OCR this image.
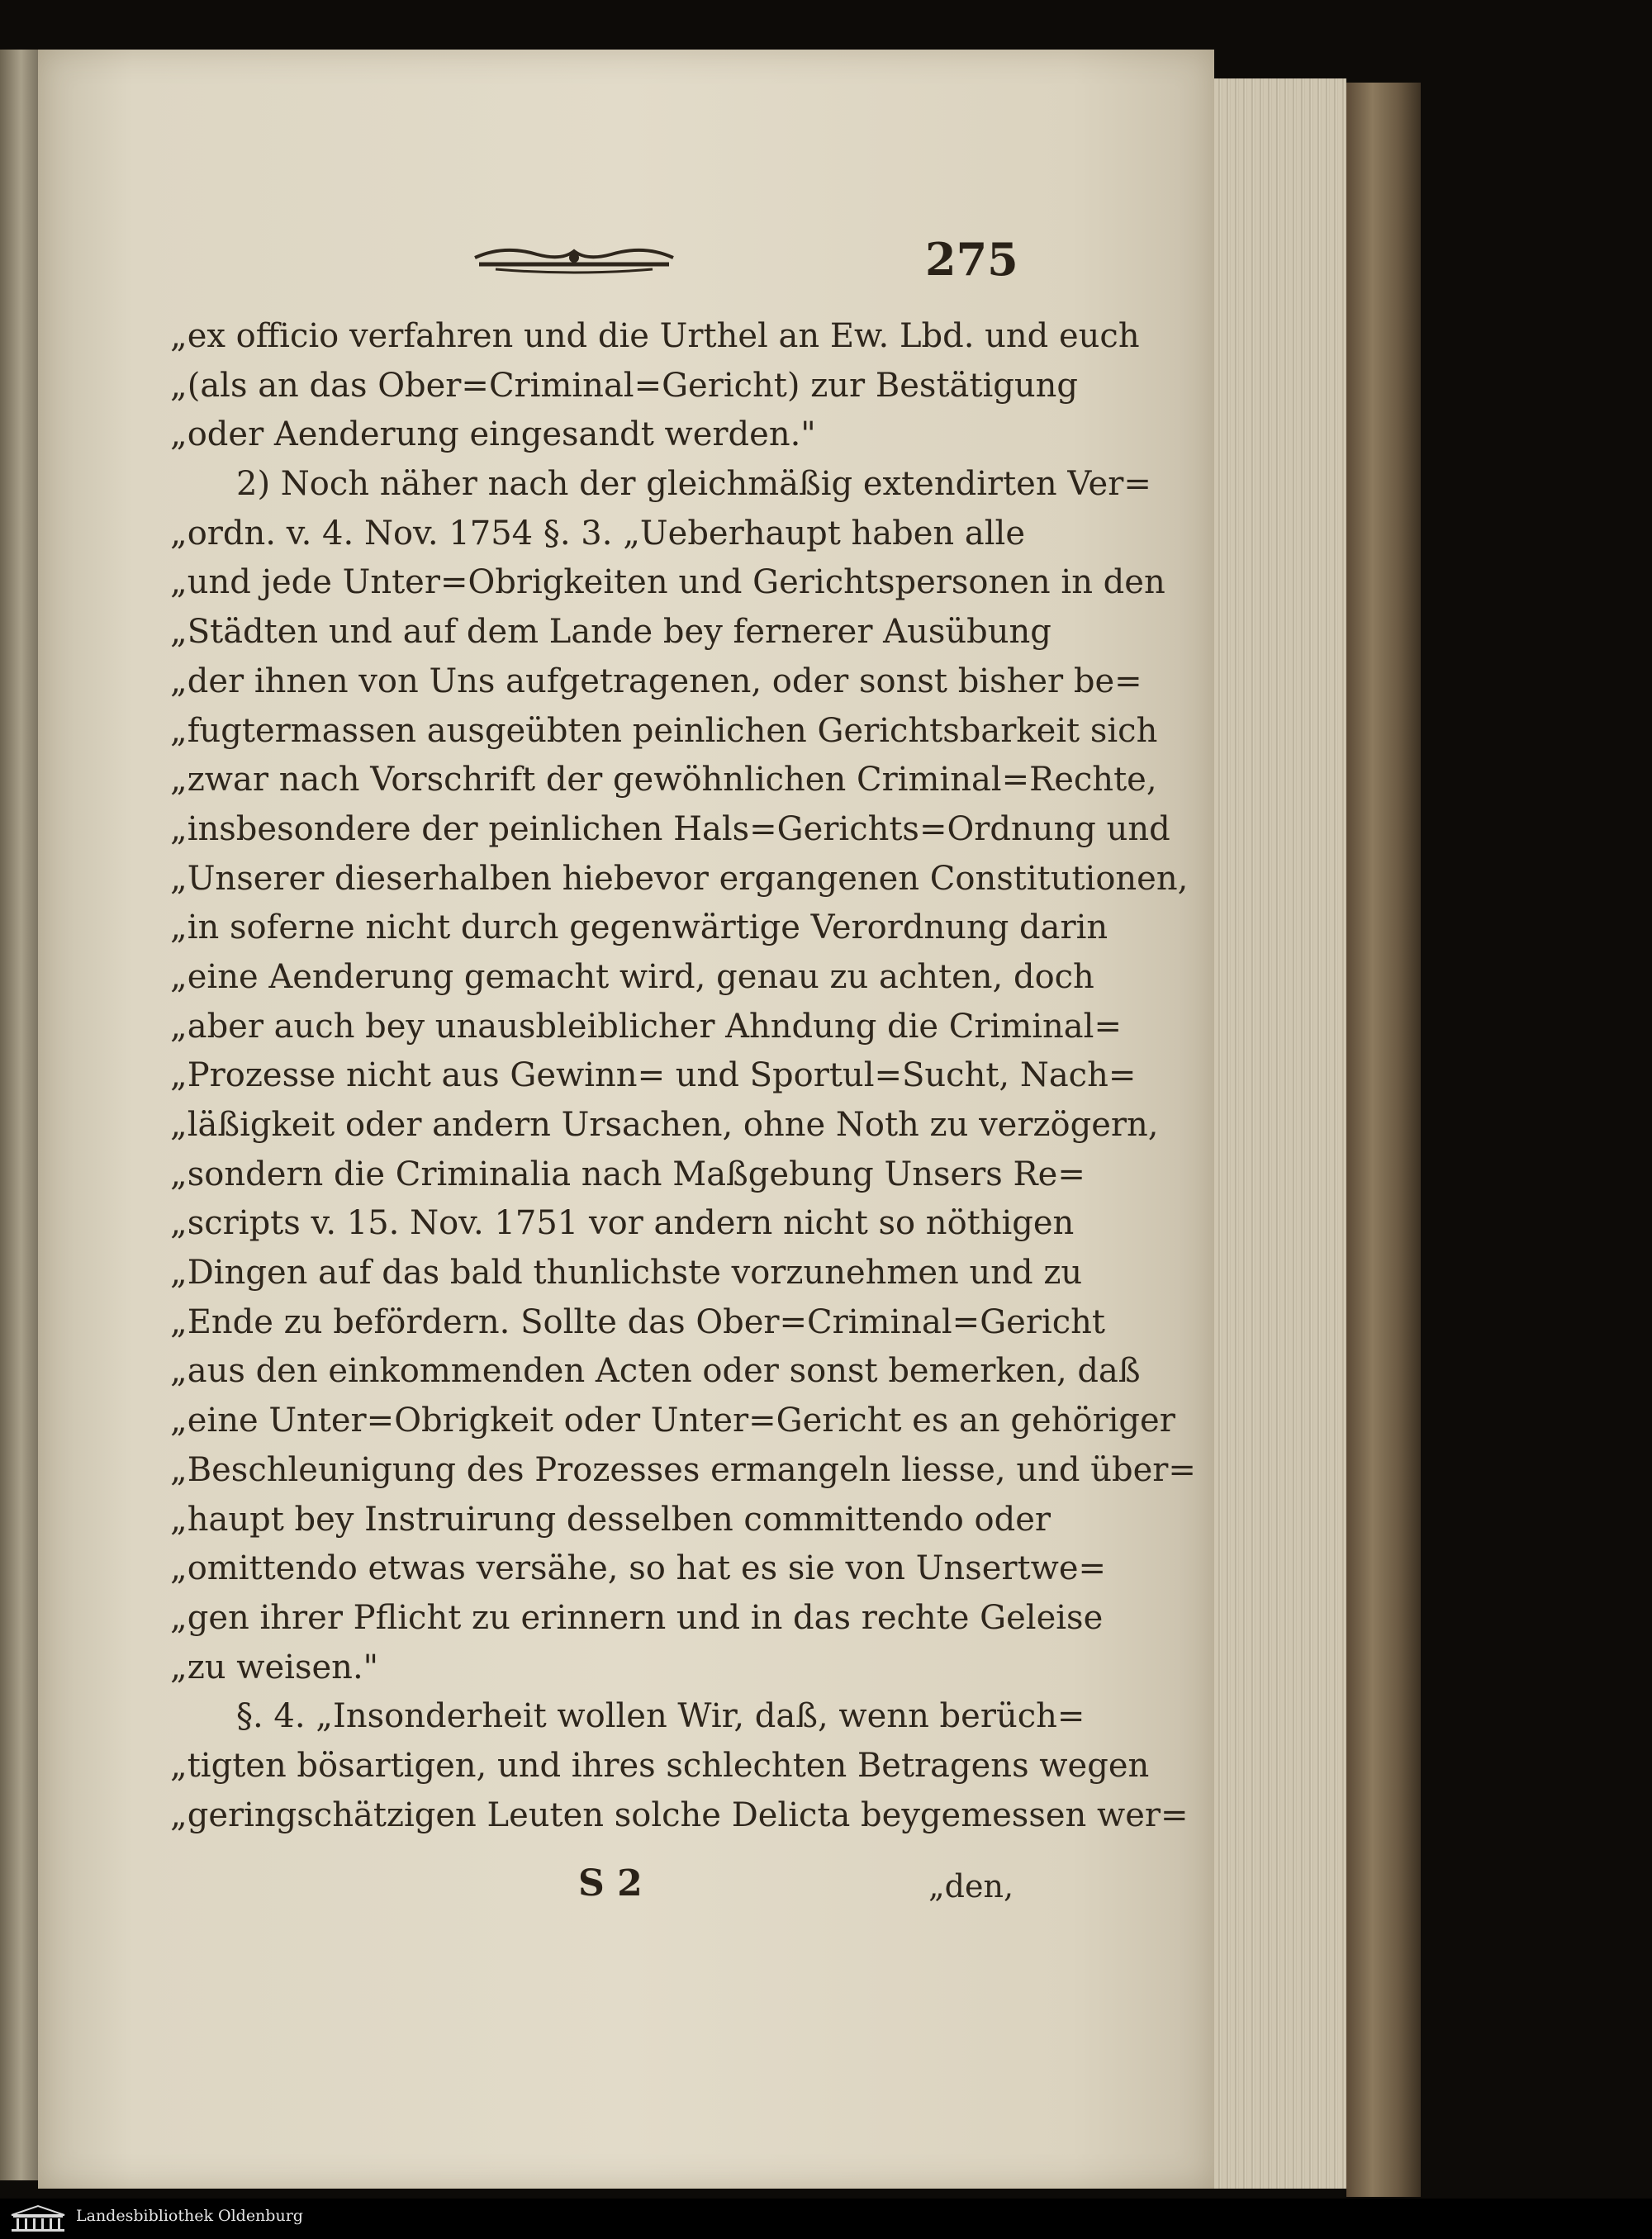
275
„ex officio verfahren und die Urthel an Ew. Lbd. und euch
„(als an das Ober=Criminal=Gericht) zur Bestätigung
„oder Aenderung eingesandt werden."
2) Noch näher nach der gleichmäßig extendirten Ver=
„ordn. v. 4. Nov. 1754 §. 3. „Ueberhaupt haben alle
„und jede Unter=Obrigkeiten und Gerichtspersonen in den
„Städten und auf dem Lande bey fernerer Ausübung
„der ihnen von Uns aufgetragenen, oder sonst bisher be=
„fugtermassen ausgeübten peinlichen Gerichtsbarkeit sich
„zwar nach Vorschrift der gewöhnlichen Criminal=Rechte,
„insbesondere der peinlichen Hals=Gerichts=Ordnung und
„Unserer dieserhalben hiebevor ergangenen Constitutionen,
„in soferne nicht durch gegenwärtige Verordnung darin
„eine Aenderung gemacht wird, genau zu achten, doch
„aber auch bey unausbleiblicher Ahndung die Criminal=
„Prozesse nicht aus Gewinn= und Sportul=Sucht, Nach=
„läßigkeit oder andern Ursachen, ohne Noth zu verzögern,
„sondern die Criminalia nach Maßgebung Unsers Re=
„scripts v. 15. Nov. 1751 vor andern nicht so nöthigen
„Dingen auf das bald thunlichste vorzunehmen und zu
„Ende zu befördern. Sollte das Ober=Criminal=Gericht
„aus den einkommenden Acten oder sonst bemerken, daß
„eine Unter=Obrigkeit oder Unter=Gericht es an gehöriger
„Beschleunigung des Prozesses ermangeln liesse, und über=
„haupt bey Instruirung desselben committendo oder
„omittendo etwas versähe, so hat es sie von Unsertwe=
„gen ihrer Pflicht zu erinnern und in das rechte Geleise
„zu weisen."
§. 4. „Insonderheit wollen Wir, daß, wenn berüch=
„tigten bösartigen, und ihres schlechten Betragens wegen
„geringschätzigen Leuten solche Delicta beygemessen wer=
S 2	„den,
Landesbibliothek Oldenburg
